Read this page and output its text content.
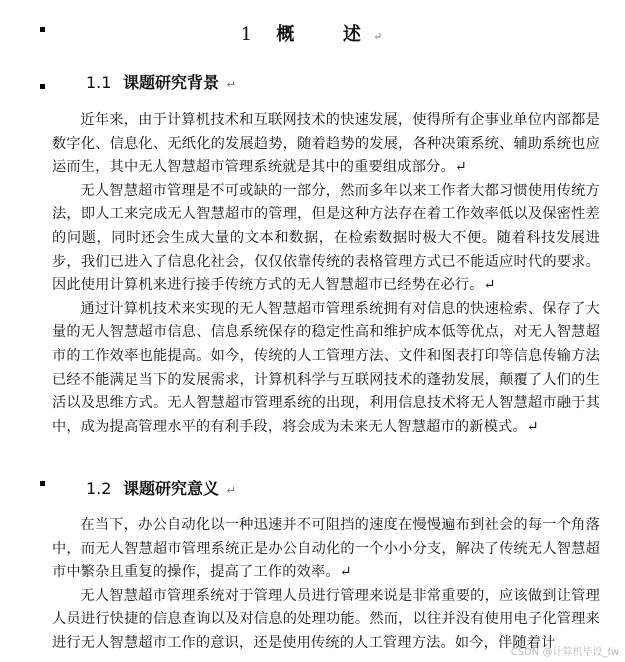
1 概	述 ↵
1.1 课题研究背景 ↵

近年来，由于计算机技术和互联网技术的快速发展，使得所有企事业单位内部都是数字化、信息化、无纸化的发展趋势，随着趋势的发展，各种决策系统、辅助系统也应运而生，其中无人智慧超市管理系统就是其中的重要组成部分。↵

无人智慧超市管理是不可或缺的一部分，然而多年以来工作者大都习惯使用传统方法，即人工来完成无人智慧超市的管理，但是这种方法存在着工作效率低以及保密性差的问题，同时还会生成大量的文本和数据，在检索数据时极大不便。随着科技发展进步，我们已进入了信息化社会，仅仅依靠传统的表格管理方式已不能适应时代的要求。因此使用计算机来进行接手传统方式的无人智慧超市已经势在必行。↵

通过计算机技术来实现的无人智慧超市管理系统拥有对信息的快速检索、保存了大量的无人智慧超市信息、信息系统保存的稳定性高和维护成本低等优点，对无人智慧超市的工作效率也能提高。如今，传统的人工管理方法、文件和图表打印等信息传输方法已经不能满足当下的发展需求，计算机科学与互联网技术的蓬勃发展，颠覆了人们的生活以及思维方式。无人智慧超市管理系统的出现，利用信息技术将无人智慧超市融于其中，成为提高管理水平的有利手段，将会成为未来无人智慧超市的新模式。↵

1.2 课题研究意义 ↵

在当下，办公自动化以一种迅速并不可阻挡的速度在慢慢遍布到社会的每一个角落中，而无人智慧超市管理系统正是办公自动化的一个小小分支，解决了传统无人智慧超市中繁杂且重复的操作，提高了工作的效率。↵

无人智慧超市管理系统对于管理人员进行管理来说是非常重要的，应该做到让管理人员进行快捷的信息查询以及对信息的处理功能。然而，以往并没有使用电子化管理来进行无人智慧超市工作的意识，还是使用传统的人工管理方法。如今，伴随着计

CSDN @计算机毕设_fw
